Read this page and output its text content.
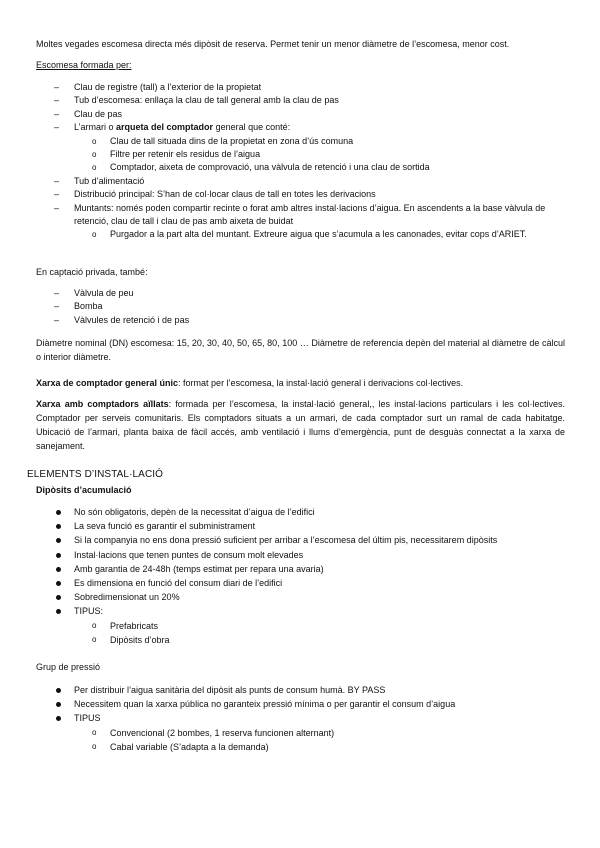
Moltes vegades escomesa directa més dipòsit de reserva. Permet tenir un menor diàmetre de l’escomesa, menor cost.

Escomesa formada per:

– Clau de registre (tall) a l’exterior de la propietat
– Tub d’escomesa: enllaça la clau de tall general amb la clau de pas
– Clau de pas
– L’armari o arqueta del comptador general que conté:
o Clau de tall situada dins de la propietat en zona d’ús comuna
o Filtre per retenir els residus de l’aigua
o Comptador, aixeta de comprovació, una vàlvula de retenció i una clau de sortida
– Tub d’alimentació
– Distribució principal: S’han de col·locar claus de tall en totes les derivacions
– Muntants: només poden compartir recinte o forat amb altres instal·lacions d’aigua. En ascendents a la base vàlvula de retenció, clau de tall i clau de pas amb aixeta de buidat
o Purgador a la part alta del muntant. Extreure aigua que s’acumula a les canonades, evitar cops d’ARIET.

En captació privada, també:

– Vàlvula de peu
– Bomba
– Vàlvules de retenció i de pas

Diàmetre nominal (DN) escomesa: 15, 20, 30, 40, 50, 65, 80, 100 … Diàmetre de referencia depèn del material al diàmetre de càlcul o interior diàmetre.

Xarxa de comptador general únic: format per l’escomesa, la instal·lació general i derivacions col·lectives.

Xarxa amb comptadors aïllats: formada per l’escomesa, la instal·lació general,, les instal·lacions particulars i les col·lectives. Comptador per serveis comunitaris. Els comptadors situats a un armari, de cada comptador surt un ramal de cada habitatge. Ubicació de l’armari, planta baixa de fàcil accés, amb ventilació i llums d’emergència, punt de desguàs connectat a la xarxa de sanejament.

ELEMENTS D’INSTAL·LACIÓ

Dipòsits d’acumulació

No són obligatoris, depèn de la necessitat d’aigua de l’edifici
La seva funció es garantir el subministrament
Si la companyia no ens dona pressió suficient per arribar a l’escomesa del últim pis, necessitarem dipòsits
Instal·lacions que tenen puntes de consum molt elevades
Amb garantia de 24-48h (temps estimat per repara una avaria)
Es dimensiona en funció del consum diari de l’edifici
Sobredimensionat un 20%
TIPUS:
o Prefabricats
o Dipòsits d’obra

Grup de pressió

Per distribuir l’aigua sanitària del dipòsit als punts de consum humà. BY PASS
Necessitem quan la xarxa pública no garanteix pressió mínima o per garantir el consum d’aigua
TIPUS
o Convencional (2 bombes, 1 reserva funcionen alternant)
o Cabal variable (S’adapta a la demanda)
